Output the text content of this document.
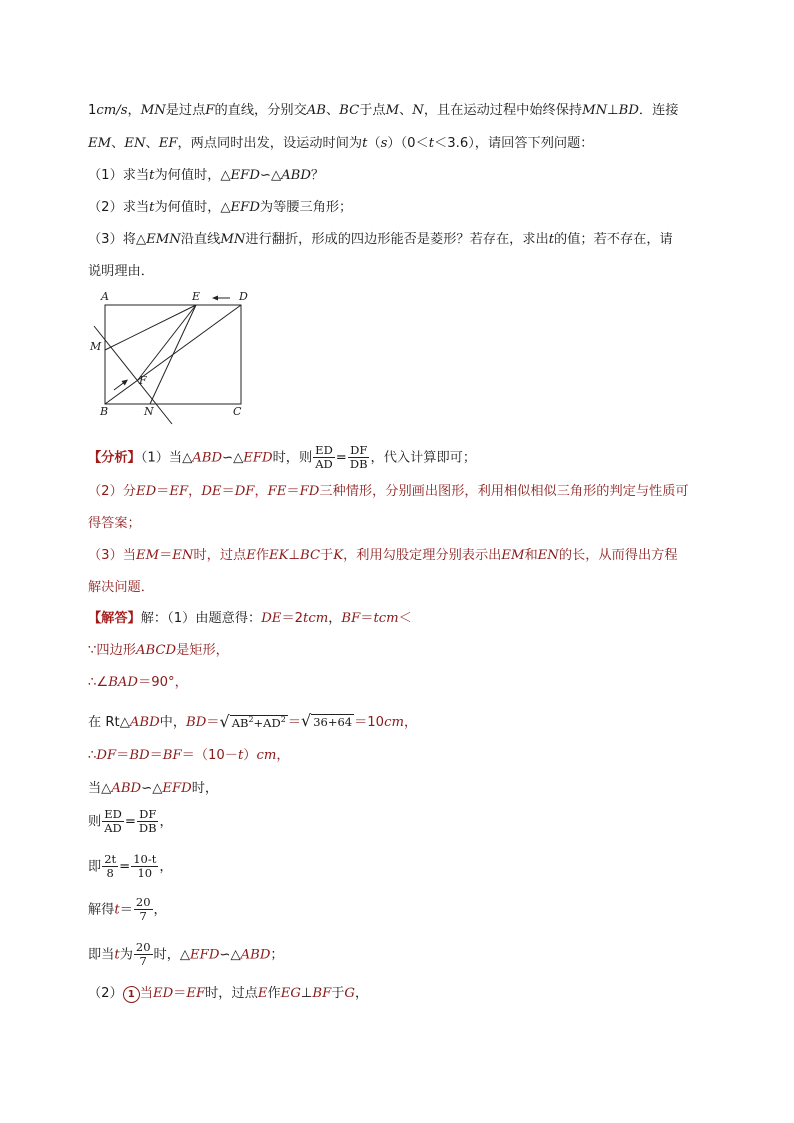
1cm/s，MN是过点F的直线，分别交AB、BC于点M、N，且在运动过程中始终保持MN⊥BD．连接
EM、EN、EF，两点同时出发，设运动时间为t（s）（0＜t＜3.6），请回答下列问题：
（1）求当t为何值时，△EFD∽△ABD？
（2）求当t为何值时，△EFD为等腰三角形；
（3）将△EMN沿直线MN进行翻折，形成的四边形能否是菱形？若存在，求出t的值；若不存在，请
说明理由．
A	E	D
M
F
B	N	C
【分析】（1）当△ABD∽△EFD时，则 $\frac{ED}{AD} = \frac{DF}{DB}$ ，代入计算即可；
（2）分ED＝EF，DE＝DF，FE＝FD三种情形，分别画出图形，利用相似相似三角形的判定与性质可
得答案；
（3）当EM＝EN时，过点E作EK⊥BC于K，利用勾股定理分别表示出EM和EN的长，从而得出方程
解决问题．
【解答】解：（1）由题意得：DE＝2tcm，BF＝tcm＜
∵四边形ABCD是矩形，
∴∠BAD＝90°，
在 Rt△ABD中，BD＝√ $AB^2+AD^2$ ＝√ 36+64 ＝10cm，
∴DF＝BD＝BF＝（10－t）cm，
当△ABD∽△EFD时，
则 $\frac{ED}{AD} = \frac{DF}{DB}$ ，
即 $\frac{2t}{8} = \frac{10-t}{10}$ ，
解得$t= \frac{20}{7}$ ，
即当t为 $\frac{20}{7}$ 时，△EFD∽△ABD；
（2） 1 当ED＝EF时，过点E作EG⊥BF于G，
